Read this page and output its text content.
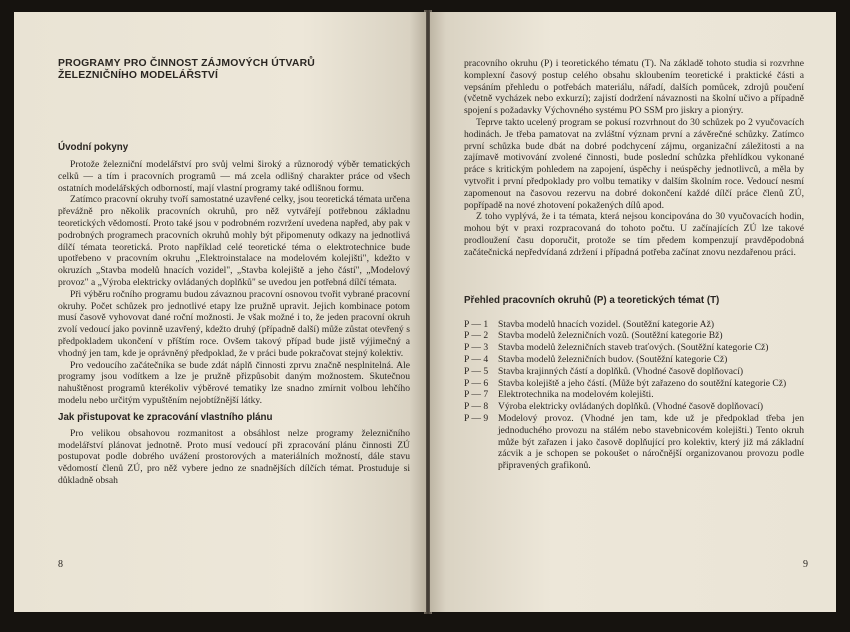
PROGRAMY PRO ČINNOST ZÁJMOVÝCH ÚTVARŮ
ŽELEZNIČNÍHO MODELÁŘSTVÍ
Úvodní pokyny

Protože železniční modelářství pro svůj velmi široký a různorodý výběr tematických celků — a tím i pracovních programů — má zcela odlišný charakter práce od všech ostatních modelářských odborností, mají vlastní programy také odlišnou formu.

Zatímco pracovní okruhy tvoří samostatné uzavřené celky, jsou teoretická témata určena převážně pro několik pracovních okruhů, pro něž vytvářejí potřebnou základnu teoretických vědomostí. Proto také jsou v podrobném rozvržení uvedena napřed, aby pak v podrobných programech pracovních okruhů mohly být připomenuty odkazy na jednotlivá dílčí témata teoretická. Proto například celé teoretické téma o elektrotechnice bude upotřebeno v pracovním okruhu „Elektroinstalace na modelovém kolejišti", kdežto v okruzích „Stavba modelů hnacích vozidel", „Stavba kolejiště a jeho částí", „Modelový provoz" a „Výroba elektricky ovládaných doplňků" se uvedou jen potřebná dílčí témata.

Při výběru ročního programu budou závaznou pracovní osnovou tvořit vybrané pracovní okruhy. Počet schůzek pro jednotlivé etapy lze pružně upravit. Jejich kombinace potom musí časově vyhovovat dané roční možnosti. Je však možné i to, že jeden pracovní okruh zvolí vedoucí jako povinně uzavřený, kdežto druhý (případně další) může zůstat otevřený s předpokladem ukončení v příštím roce. Ovšem takový případ bude jistě výjimečný a vhodný jen tam, kde je oprávněný předpoklad, že v práci bude pokračovat stejný kolektiv.

Pro vedoucího začátečníka se bude zdát náplň činnosti zprvu značně nesplnitelná. Ale programy jsou vodítkem a lze je pružně přizpůsobit daným možnostem. Skutečnou nahuštěnost programů kterékoliv výběrové tematiky lze snadno zmírnit volbou lehčího modelu nebo určitým vypuštěním nejobtížnější látky.

Jak přistupovat ke zpracování vlastního plánu

Pro velikou obsahovou rozmanitost a obsáhlost nelze programy železničního modelářství plánovat jednotně. Proto musí vedoucí při zpracování plánu činnosti ZÚ postupovat podle dobrého uvážení prostorových a materiálních možností, dále stavu vědomostí členů ZÚ, pro něž vybere jedno ze snadnějších dílčích témat. Prostuduje si důkladně obsah

8

pracovního okruhu (P) i teoretického tématu (T). Na základě tohoto studia si rozvrhne komplexní časový postup celého obsahu skloubením teoretické i praktické části a vepsáním přehledu o potřebách materiálu, nářadí, dalších pomůcek, zdrojů poučení (včetně vycházek nebo exkurzí); zajistí dodržení návaznosti na školní učivo a případně spojení s požadavky Výchovného systému PO SSM pro jiskry a pionýry.

Teprve takto ucelený program se pokusí rozvrhnout do 30 schůzek po 2 vyučovacích hodinách. Je třeba pamatovat na zvláštní význam první a závěrečné schůzky. Zatímco první schůzka bude dbát na dobré podchycení zájmu, organizační záležitosti a na zajímavě motivování zvolené činnosti, bude poslední schůzka přehlídkou vykonané práce s kritickým pohledem na zapojení, úspěchy i neúspěchy jednotlivců, a měla by vytvořit i první předpoklady pro volbu tematiky v dalším školním roce. Vedoucí nesmí zapomenout na časovou rezervu na dobré dokončení každé dílčí práce členů ZÚ, popřípadě na nové zhotovení pokažených dílů apod.

Z toho vyplývá, že i ta témata, která nejsou koncipována do 30 vyučovacích hodin, mohou být v praxi rozpracovaná do tohoto počtu. U začínajících ZÚ lze takové prodloužení času doporučit, protože se tím předem kompenzují pravděpodobná začátečnická nepředvídaná zdržení i případná potřeba začínat znovu nezdařenou práci.

Přehled pracovních okruhů (P) a teoretických témat (T)
P — 1	Stavba modelů hnacích vozidel. (Soutěžní kategorie Až)
P — 2	Stavba modelů železničních vozů. (Soutěžní kategorie Bž)
P — 3	Stavba modelů železničních staveb traťových. (Soutěžní kategorie Cž)
P — 4	Stavba modelů železničních budov. (Soutěžní kategorie Cž)
P — 5	Stavba krajinných částí a doplňků. (Vhodné časově doplňovací)
P — 6	Stavba kolejiště a jeho částí. (Může být zařazeno do soutěžní kategorie Cž)
P — 7	Elektrotechnika na modelovém kolejišti.
P — 8	Výroba elektricky ovládaných doplňků. (Vhodné časově doplňovací)
P — 9	Modelový provoz. (Vhodné jen tam, kde už je předpoklad třeba jen jednoduchého provozu na stálém nebo stavebnicovém kolejišti.) Tento okruh může být zařazen i jako časově doplňující pro kolektiv, který již má základní zácvik a je schopen se pokoušet o náročnější organizovanou provozu podle připravených grafikonů.
9
